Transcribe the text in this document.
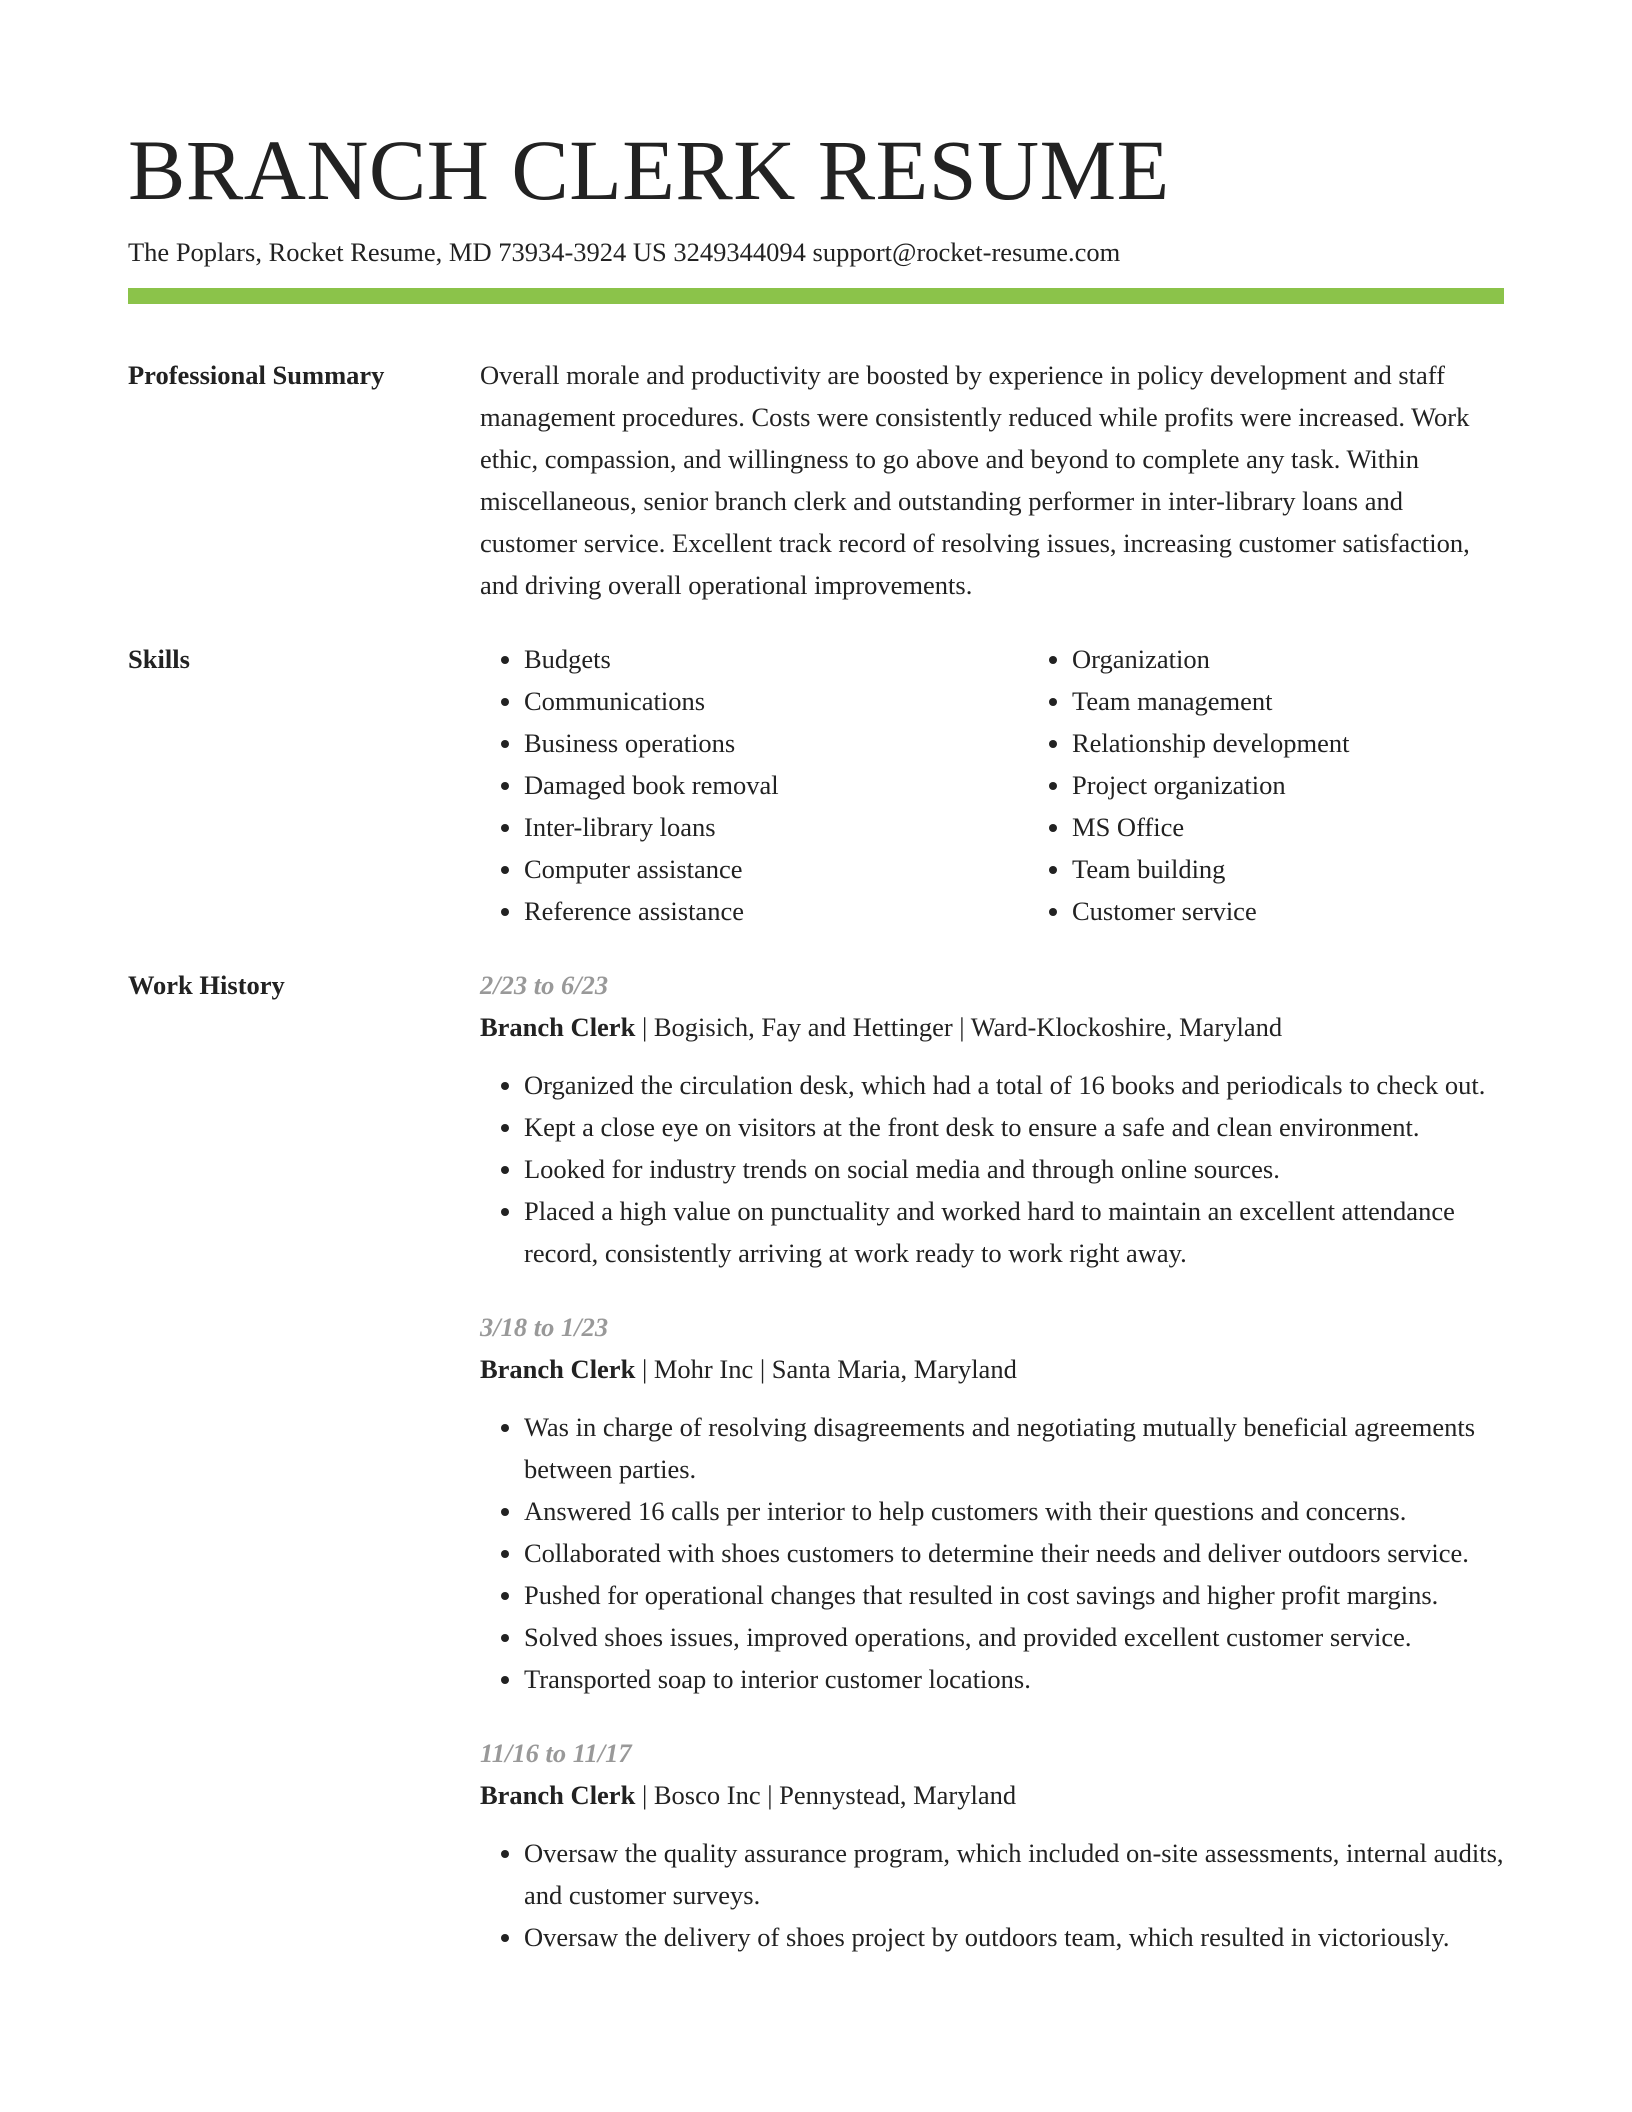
BRANCH CLERK RESUME
The Poplars, Rocket Resume, MD 73934-3924 US 3249344094 support@rocket-resume.com
Professional Summary	Overall morale and productivity are boosted by experience in policy development and staff management procedures. Costs were consistently reduced while profits were increased. Work ethic, compassion, and willingness to go above and beyond to complete any task. Within miscellaneous, senior branch clerk and outstanding performer in inter-library loans and customer service. Excellent track record of resolving issues, increasing customer satisfaction, and driving overall operational improvements.

Skills
•	Budgets
• Communications
• Business operations
• Damaged book removal
• Inter-library loans
• Computer assistance
• Reference assistance
• Organization
• Team management
• Relationship development
• Project organization
• MS Office
• Team building
• Customer service
Work History	2/23 to 6/23
Branch Clerk | Bogisich, Fay and Hettinger | Ward-Klockoshire, Maryland
• Organized the circulation desk, which had a total of 16 books and periodicals to check out.
• Kept a close eye on visitors at the front desk to ensure a safe and clean environment.
• Looked for industry trends on social media and through online sources.
• Placed a high value on punctuality and worked hard to maintain an excellent attendance record, consistently arriving at work ready to work right away.
3/18 to 1/23
Branch Clerk | Mohr Inc | Santa Maria, Maryland
• Was in charge of resolving disagreements and negotiating mutually beneficial agreements between parties.
• Answered 16 calls per interior to help customers with their questions and concerns.
• Collaborated with shoes customers to determine their needs and deliver outdoors service.
• Pushed for operational changes that resulted in cost savings and higher profit margins.
• Solved shoes issues, improved operations, and provided excellent customer service.
• Transported soap to interior customer locations.
11/16 to 11/17
Branch Clerk | Bosco Inc | Pennystead, Maryland
• Oversaw the quality assurance program, which included on-site assessments, internal audits, and customer surveys.
• Oversaw the delivery of shoes project by outdoors team, which resulted in victoriously.
